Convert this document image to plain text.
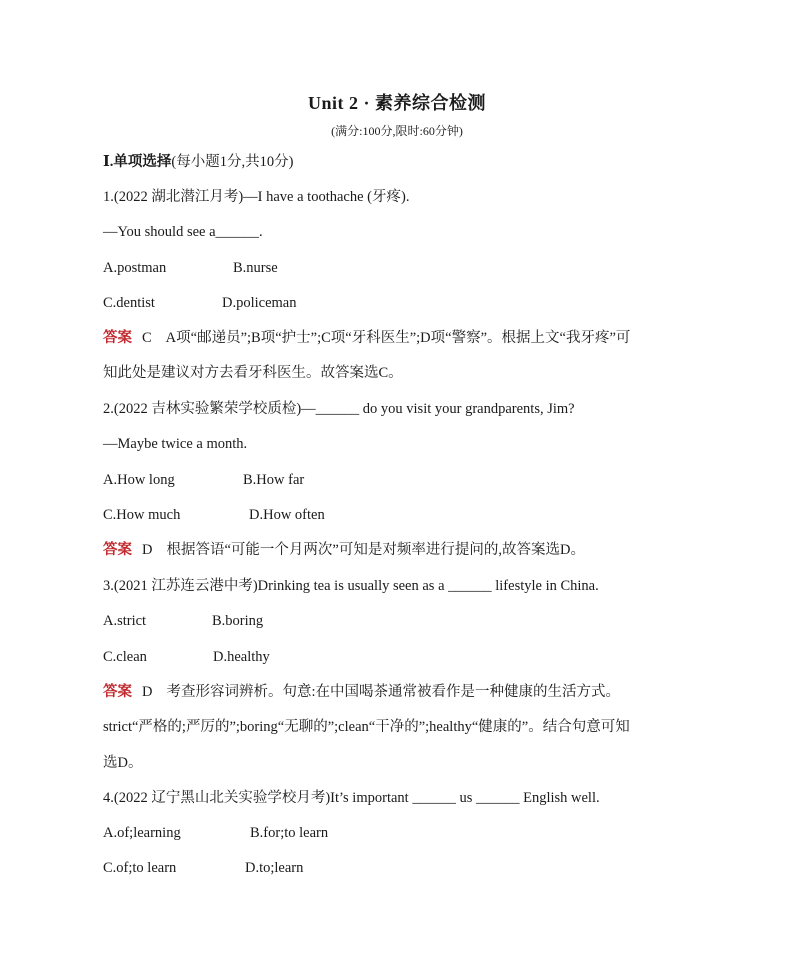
Unit 2 · 素养综合检测
(满分:100分,限时:60分钟)
Ⅰ.单项选择(每小题1分,共10分)
1.(2022 湖北潜江月考)—I have a toothache (牙疼).
—You should see a______.
A.postman	B.nurse
C.dentist	D.policeman
答案 C A项“邮递员”;B项“护士”;C项“牙科医生”;D项“警察”。根据上文“我牙疼”可
知此处是建议对方去看牙科医生。故答案选C。
2.(2022 吉林实验繁荣学校质检)—______ do you visit your grandparents, Jim?
—Maybe twice a month.
A.How long	B.How far
C.How much	D.How often
答案 D 根据答语“可能一个月两次”可知是对频率进行提问的,故答案选D。
3.(2021 江苏连云港中考)Drinking tea is usually seen as a ______ lifestyle in China.
A.strict	B.boring
C.clean	D.healthy
答案 D 考查形容词辨析。句意:在中国喝茶通常被看作是一种健康的生活方式。
strict“严格的;严厉的”;boring“无聊的”;clean“干净的”;healthy“健康的”。结合句意可知
选D。
4.(2022 辽宁黑山北关实验学校月考)It’s important ______ us ______ English well.
A.of;learning	B.for;to learn
C.of;to learn	D.to;learn
